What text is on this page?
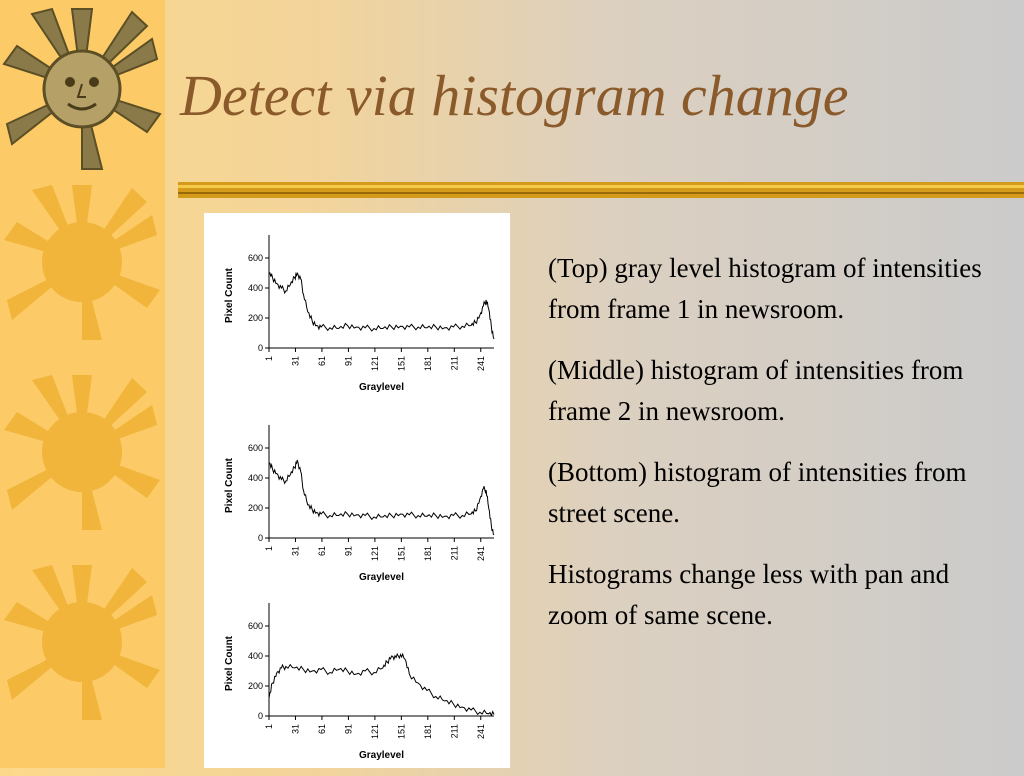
Detect via histogram change
0
200
400
600
1 31 61 91 121 151 181 211 241
Pixel Count
Graylevel
0
200
400
600
1 31 61 91 121 151 181 211 241
Pixel Count
Graylevel
0
200
400
600
1 31 61 91 121 151 181 211 241
Pixel Count
Graylevel

(Top) gray level histogram of intensities from frame 1 in newsroom.

(Middle) histogram of intensities from frame 2 in newsroom.

(Bottom) histogram of intensities from street scene.

Histograms change less with pan and zoom of same scene.
